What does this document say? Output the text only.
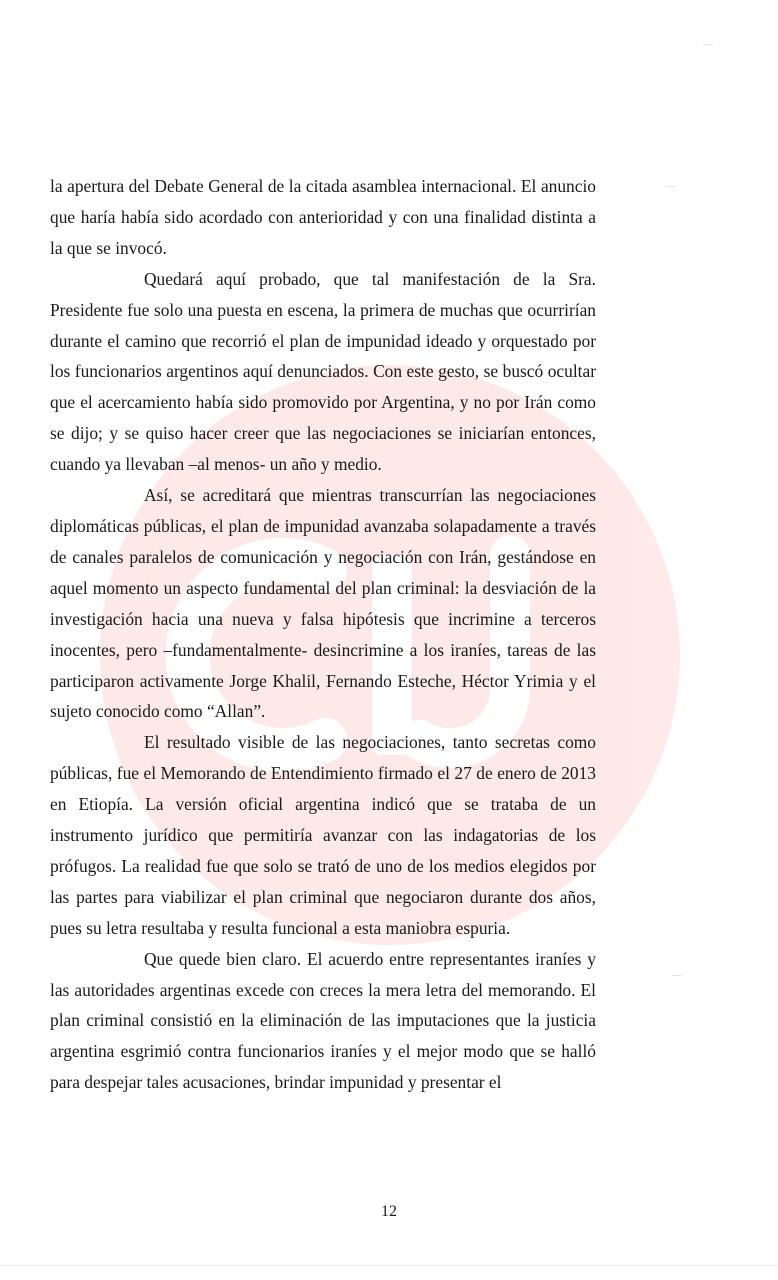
la apertura del Debate General de la citada asamblea internacional. El anuncio que haría había sido acordado con anterioridad y con una finalidad distinta a la que se invocó.

Quedará aquí probado, que tal manifestación de la Sra. Presidente fue solo una puesta en escena, la primera de muchas que ocurrirían durante el camino que recorrió el plan de impunidad ideado y orquestado por los funcionarios argentinos aquí denunciados. Con este gesto, se buscó ocultar que el acercamiento había sido promovido por Argentina, y no por Irán como se dijo; y se quiso hacer creer que las negociaciones se iniciarían entonces, cuando ya llevaban –al menos- un año y medio.

Así, se acreditará que mientras transcurrían las negociaciones diplomáticas públicas, el plan de impunidad avanzaba solapadamente a través de canales paralelos de comunicación y negociación con Irán, gestándose en aquel momento un aspecto fundamental del plan criminal: la desviación de la investigación hacia una nueva y falsa hipótesis que incrimine a terceros inocentes, pero –fundamentalmente- desincrimine a los iraníes, tareas de las participaron activamente Jorge Khalil, Fernando Esteche, Héctor Yrimia y el sujeto conocido como “Allan”.

El resultado visible de las negociaciones, tanto secretas como públicas, fue el Memorando de Entendimiento firmado el 27 de enero de 2013 en Etiopía. La versión oficial argentina indicó que se trataba de un instrumento jurídico que permitiría avanzar con las indagatorias de los prófugos. La realidad fue que solo se trató de uno de los medios elegidos por las partes para viabilizar el plan criminal que negociaron durante dos años, pues su letra resultaba y resulta funcional a esta maniobra espuria.

Que quede bien claro. El acuerdo entre representantes iraníes y las autoridades argentinas excede con creces la mera letra del memorando. El plan criminal consistió en la eliminación de las imputaciones que la justicia argentina esgrimió contra funcionarios iraníes y el mejor modo que se halló para despejar tales acusaciones, brindar impunidad y presentar el

12
